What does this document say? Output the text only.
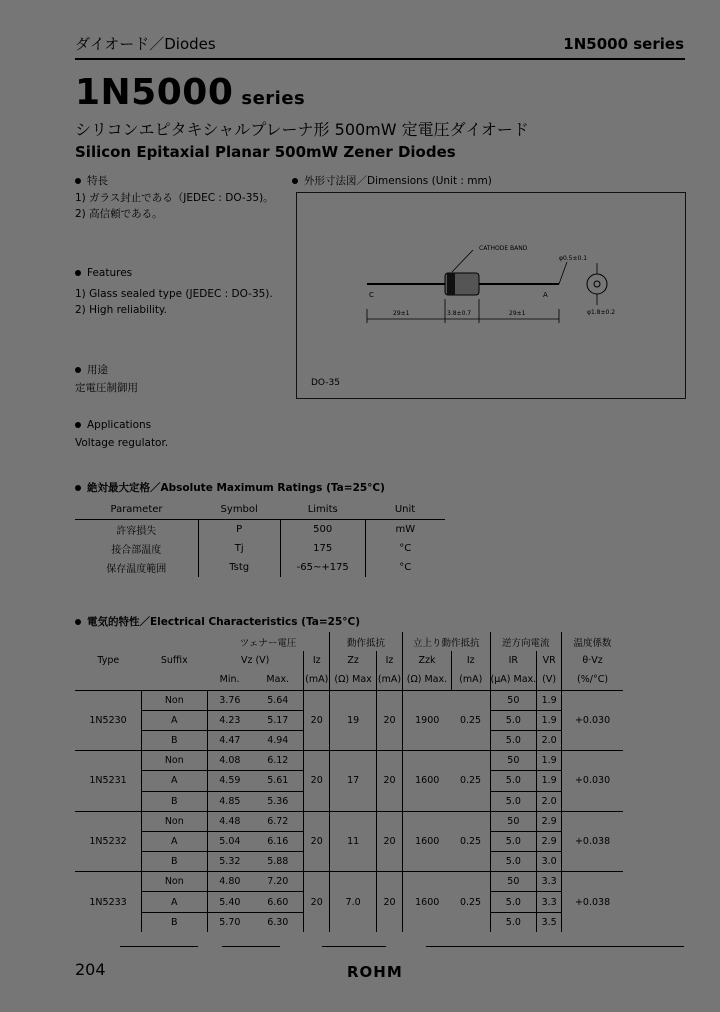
ダイオード／Diodes	1N5000 series
1N5000 series
シリコンエピタキシャルプレーナ形 500mW 定電圧ダイオード
Silicon Epitaxial Planar 500mW Zener Diodes
特長
1) ガラス封止である（JEDEC : DO-35)。
2) 高信頼である。
Features
1) Glass sealed type (JEDEC : DO-35).
2) High reliability.
用途
定電圧制御用
Applications
Voltage regulator.
外形寸法図／Dimensions (Unit : mm)
CATHODE BAND
φ0.5±0.1
φ1.8±0.2
C	A
29±1	3.8±0.7	29±1
DO-35
絶対最大定格／Absolute Maximum Ratings (Ta=25°C)
Parameter	Symbol	Limits	Unit
許容損失	P	500	mW
接合部温度	Tj	175	°C
保存温度範囲	Tstg	-65~+175	°C
電気的特性／Electrical Characteristics (Ta=25°C)
		ツェナー電圧			動作抵抗		立上り動作抵抗		逆方向電流		温度係数
Type	Suffix	Vz (V)		Iz	Zz	Iz	Zzk	Iz	IR	VR	θ·Vz
		Min.	Max.	(mA)	(Ω) Max	(mA)	(Ω) Max.	(mA)	(μA) Max.	(V)	(%/°C)
1N5230	Non	3.76	5.64	20	19	20	1900	0.25	50	1.9	+0.030
	A	4.23	5.17						5.0	1.9	
	B	4.47	4.94						5.0	2.0	
1N5231	Non	4.08	6.12	20	17	20	1600	0.25	50	1.9	+0.030
	A	4.59	5.61						5.0	1.9	
	B	4.85	5.36						5.0	2.0	
1N5232	Non	4.48	6.72	20	11	20	1600	0.25	50	2.9	+0.038
	A	5.04	6.16						5.0	2.9	
	B	5.32	5.88						5.0	3.0	
1N5233	Non	4.80	7.20	20	7.0	20	1600	0.25	50	3.3	+0.038
	A	5.40	6.60						5.0	3.3	
	B	5.70	6.30						5.0	3.5	
204	ROHM
